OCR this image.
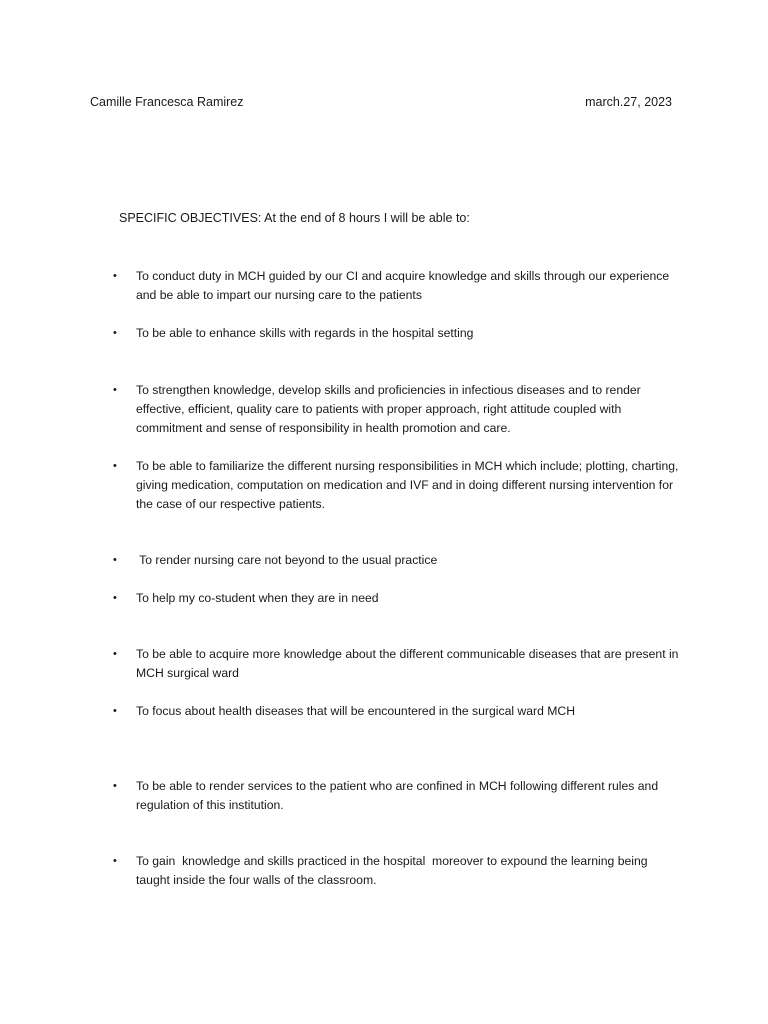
Camille Francesca Ramirez	march.27, 2023
SPECIFIC OBJECTIVES: At the end of 8 hours I will be able to:
•	To conduct duty in MCH guided by our CI and acquire knowledge and skills through our experience and be able to impart our nursing care to the patients
•	To be able to enhance skills with regards in the hospital setting
•	To strengthen knowledge, develop skills and proficiencies in infectious diseases and to render effective, efficient, quality care to patients with proper approach, right attitude coupled with commitment and sense of responsibility in health promotion and care.
•	To be able to familiarize the different nursing responsibilities in MCH which include; plotting, charting, giving medication, computation on medication and IVF and in doing different nursing intervention for the case of our respective patients.
•	To render nursing care not beyond to the usual practice
•	To help my co-student when they are in need
•	To be able to acquire more knowledge about the different communicable diseases that are present in MCH surgical ward
•	To focus about health diseases that will be encountered in the surgical ward MCH
•	To be able to render services to the patient who are confined in MCH following different rules and regulation of this institution.
•	To gain  knowledge and skills practiced in the hospital  moreover to expound the learning being taught inside the four walls of the classroom.
